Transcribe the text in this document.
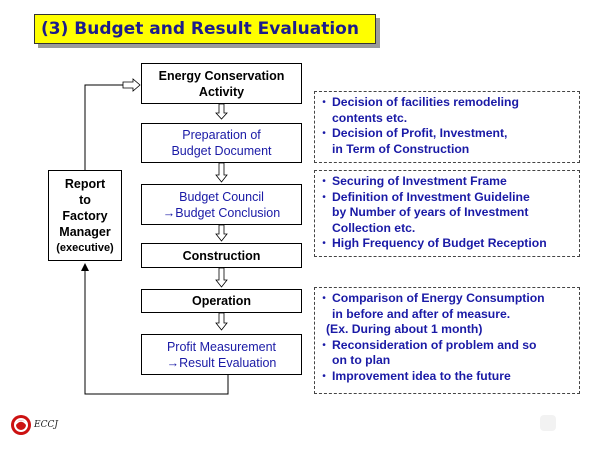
(3) Budget and Result Evaluation
Energy Conservation
Activity
Preparation of
Budget Document
Budget Council
→Budget Conclusion
Construction
Operation
Profit Measurement
→Result Evaluation
Report
to
Factory
Manager
(executive)
･ Decision of facilities remodeling
contents etc.
･ Decision of Profit, Investment,
in Term of Construction
･ Securing of Investment Frame
･ Definition of Investment Guideline
by Number of years of Investment
Collection etc.
･ High Frequency of Budget Reception
･ Comparison of Energy Consumption
in before and after of measure.
(Ex. During about 1 month)
･ Reconsideration of problem and so
on to plan
･ Improvement idea to the future
ECCJ
